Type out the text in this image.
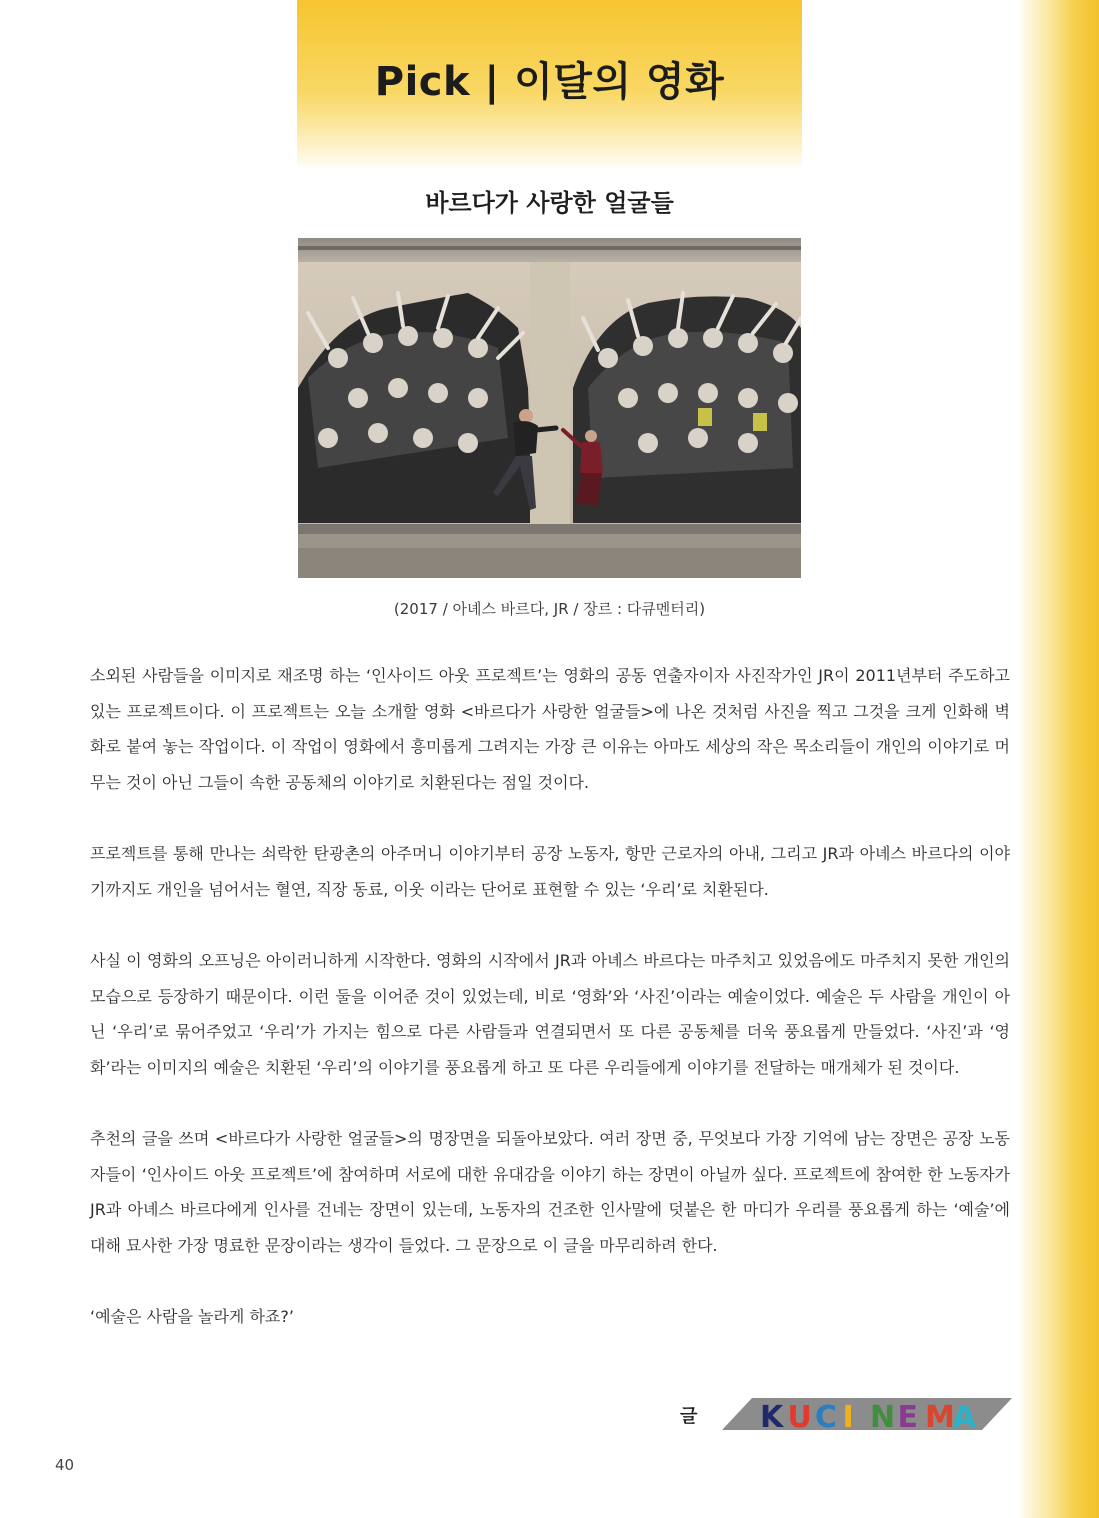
Pick | 이달의 영화
바르다가 사랑한 얼굴들

(2017 / 아녜스 바르다, JR / 장르 : 다큐멘터리)

소외된 사람들을 이미지로 재조명 하는 ‘인사이드 아웃 프로젝트’는 영화의 공동 연출자이자 사진작가인 JR이 2011년부터 주도하고 있는 프로젝트이다. 이 프로젝트는 오늘 소개할 영화 <바르다가 사랑한 얼굴들>에 나온 것처럼 사진을 찍고 그것을 크게 인화해 벽화로 붙여 놓는 작업이다. 이 작업이 영화에서 흥미롭게 그려지는 가장 큰 이유는 아마도 세상의 작은 목소리들이 개인의 이야기로 머무는 것이 아닌 그들이 속한 공동체의 이야기로 치환된다는 점일 것이다.

프로젝트를 통해 만나는 쇠락한 탄광촌의 아주머니 이야기부터 공장 노동자, 항만 근로자의 아내, 그리고 JR과 아녜스 바르다의 이야기까지도 개인을 넘어서는 혈연, 직장 동료, 이웃 이라는 단어로 표현할 수 있는 ‘우리’로 치환된다.

사실 이 영화의 오프닝은 아이러니하게 시작한다. 영화의 시작에서 JR과 아녜스 바르다는 마주치고 있었음에도 마주치지 못한 개인의 모습으로 등장하기 때문이다. 이런 둘을 이어준 것이 있었는데, 비로 ‘영화’와 ‘사진’이라는 예술이었다. 예술은 두 사람을 개인이 아닌 ‘우리’로 묶어주었고 ‘우리’가 가지는 힘으로 다른 사람들과 연결되면서 또 다른 공동체를 더욱 풍요롭게 만들었다. ‘사진’과 ‘영화’라는 이미지의 예술은 치환된 ‘우리’의 이야기를 풍요롭게 하고 또 다른 우리들에게 이야기를 전달하는 매개체가 된 것이다.

추천의 글을 쓰며 <바르다가 사랑한 얼굴들>의 명장면을 되돌아보았다. 여러 장면 중, 무엇보다 가장 기억에 남는 장면은 공장 노동자들이 ‘인사이드 아웃 프로젝트’에 참여하며 서로에 대한 유대감을 이야기 하는 장면이 아닐까 싶다. 프로젝트에 참여한 한 노동자가 JR과 아녜스 바르다에게 인사를 건네는 장면이 있는데, 노동자의 건조한 인사말에 덧붙은 한 마디가 우리를 풍요롭게 하는 ‘예술’에 대해 묘사한 가장 명료한 문장이라는 생각이 들었다. 그 문장으로 이 글을 마무리하려 한다.

‘예술은 사람을 놀라게 하죠?’

글 K U C I N E M
A
40
